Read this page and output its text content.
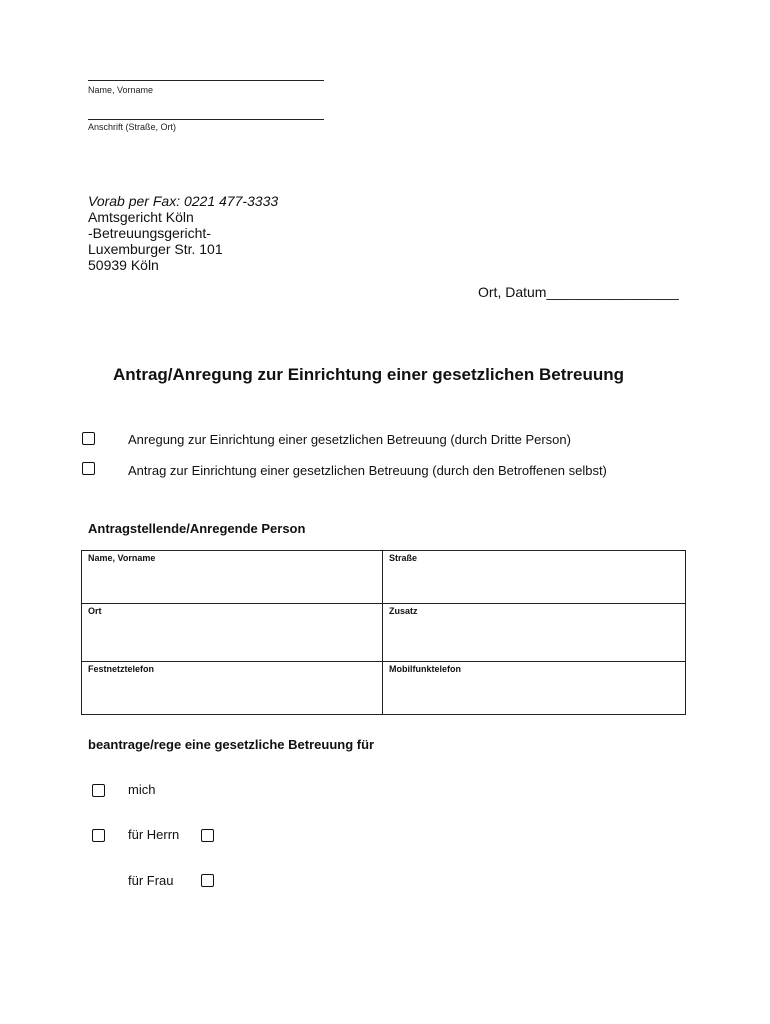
Name, Vorname
Anschrift (Straße, Ort)
Vorab per Fax: 0221 477-3333
Amtsgericht Köln
-Betreuungsgericht-
Luxemburger Str. 101
50939 Köln
Ort, Datum_________________
Antrag/Anregung zur Einrichtung einer gesetzlichen Betreuung
Anregung zur Einrichtung einer gesetzlichen Betreuung (durch Dritte Person)
Antrag zur Einrichtung einer gesetzlichen Betreuung (durch den Betroffenen selbst)
Antragstellende/Anregende Person
Name, Vorname	Straße
Ort	Zusatz
Festnetztelefon	Mobilfunktelefon
beantrage/rege eine gesetzliche Betreuung für
mich
für Herrn
für Frau
